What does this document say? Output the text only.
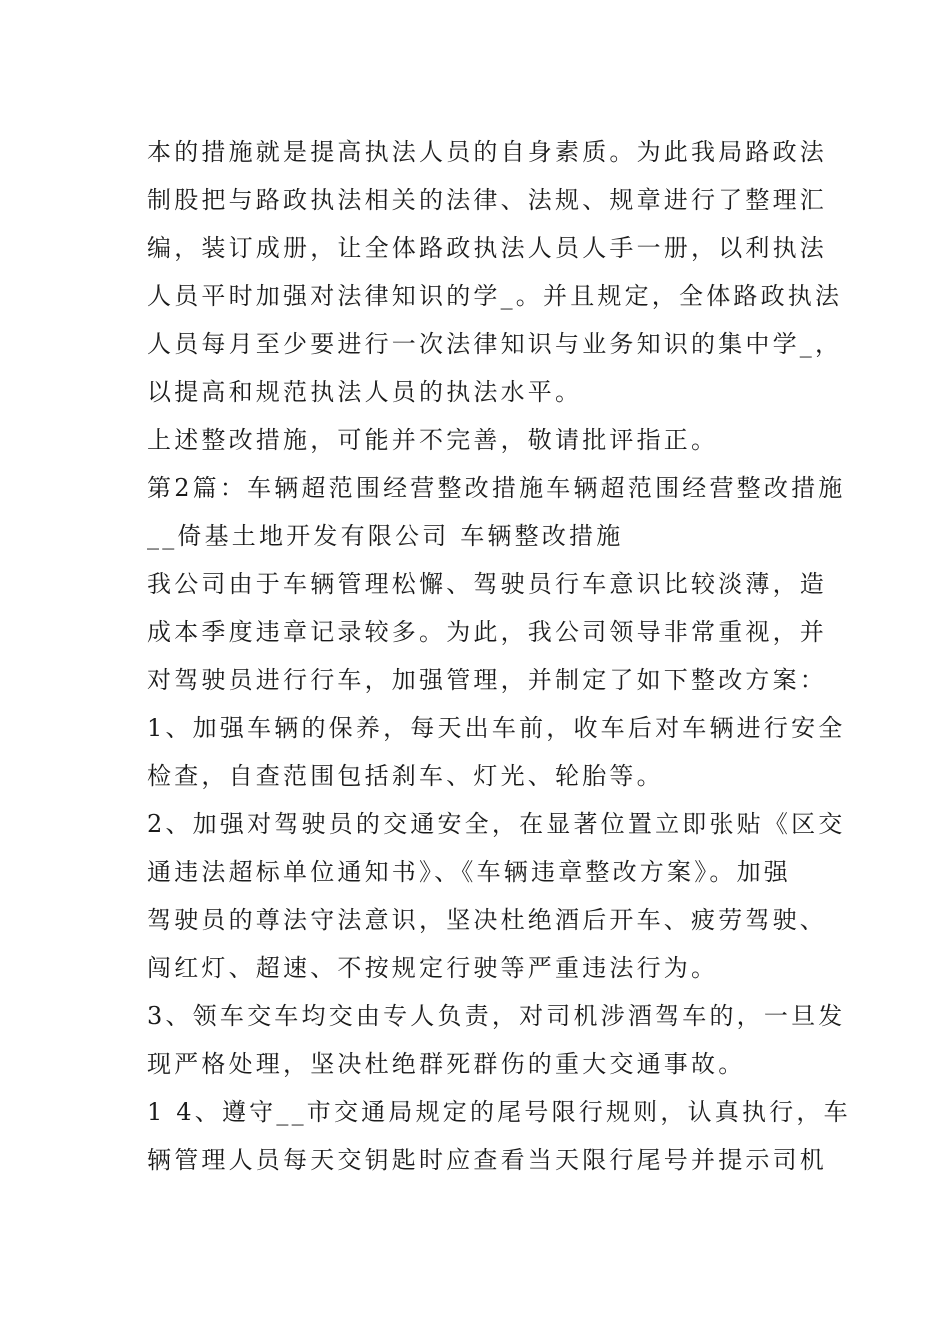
本的措施就是提高执法人员的自身素质。为此我局路政法
制股把与路政执法相关的法律、法规、规章进行了整理汇
编，装订成册，让全体路政执法人员人手一册，以利执法
人员平时加强对法律知识的学_。并且规定，全体路政执法
人员每月至少要进行一次法律知识与业务知识的集中学_，
以提高和规范执法人员的执法水平。
上述整改措施，可能并不完善，敬请批评指正。
第2篇：车辆超范围经营整改措施车辆超范围经营整改措施
__倚基土地开发有限公司 车辆整改措施
我公司由于车辆管理松懈、驾驶员行车意识比较淡薄，造
成本季度违章记录较多。为此，我公司领导非常重视，并
对驾驶员进行行车，加强管理，并制定了如下整改方案：
1、加强车辆的保养，每天出车前，收车后对车辆进行安全
检查，自查范围包括刹车、灯光、轮胎等。
2、加强对驾驶员的交通安全，在显著位置立即张贴《区交
通违法超标单位通知书》、《车辆违章整改方案》。加强
驾驶员的尊法守法意识，坚决杜绝酒后开车、疲劳驾驶、
闯红灯、超速、不按规定行驶等严重违法行为。
3、领车交车均交由专人负责，对司机涉酒驾车的，一旦发
现严格处理，坚决杜绝群死群伤的重大交通事故。
1 4、遵守__市交通局规定的尾号限行规则，认真执行，车
辆管理人员每天交钥匙时应查看当天限行尾号并提示司机
